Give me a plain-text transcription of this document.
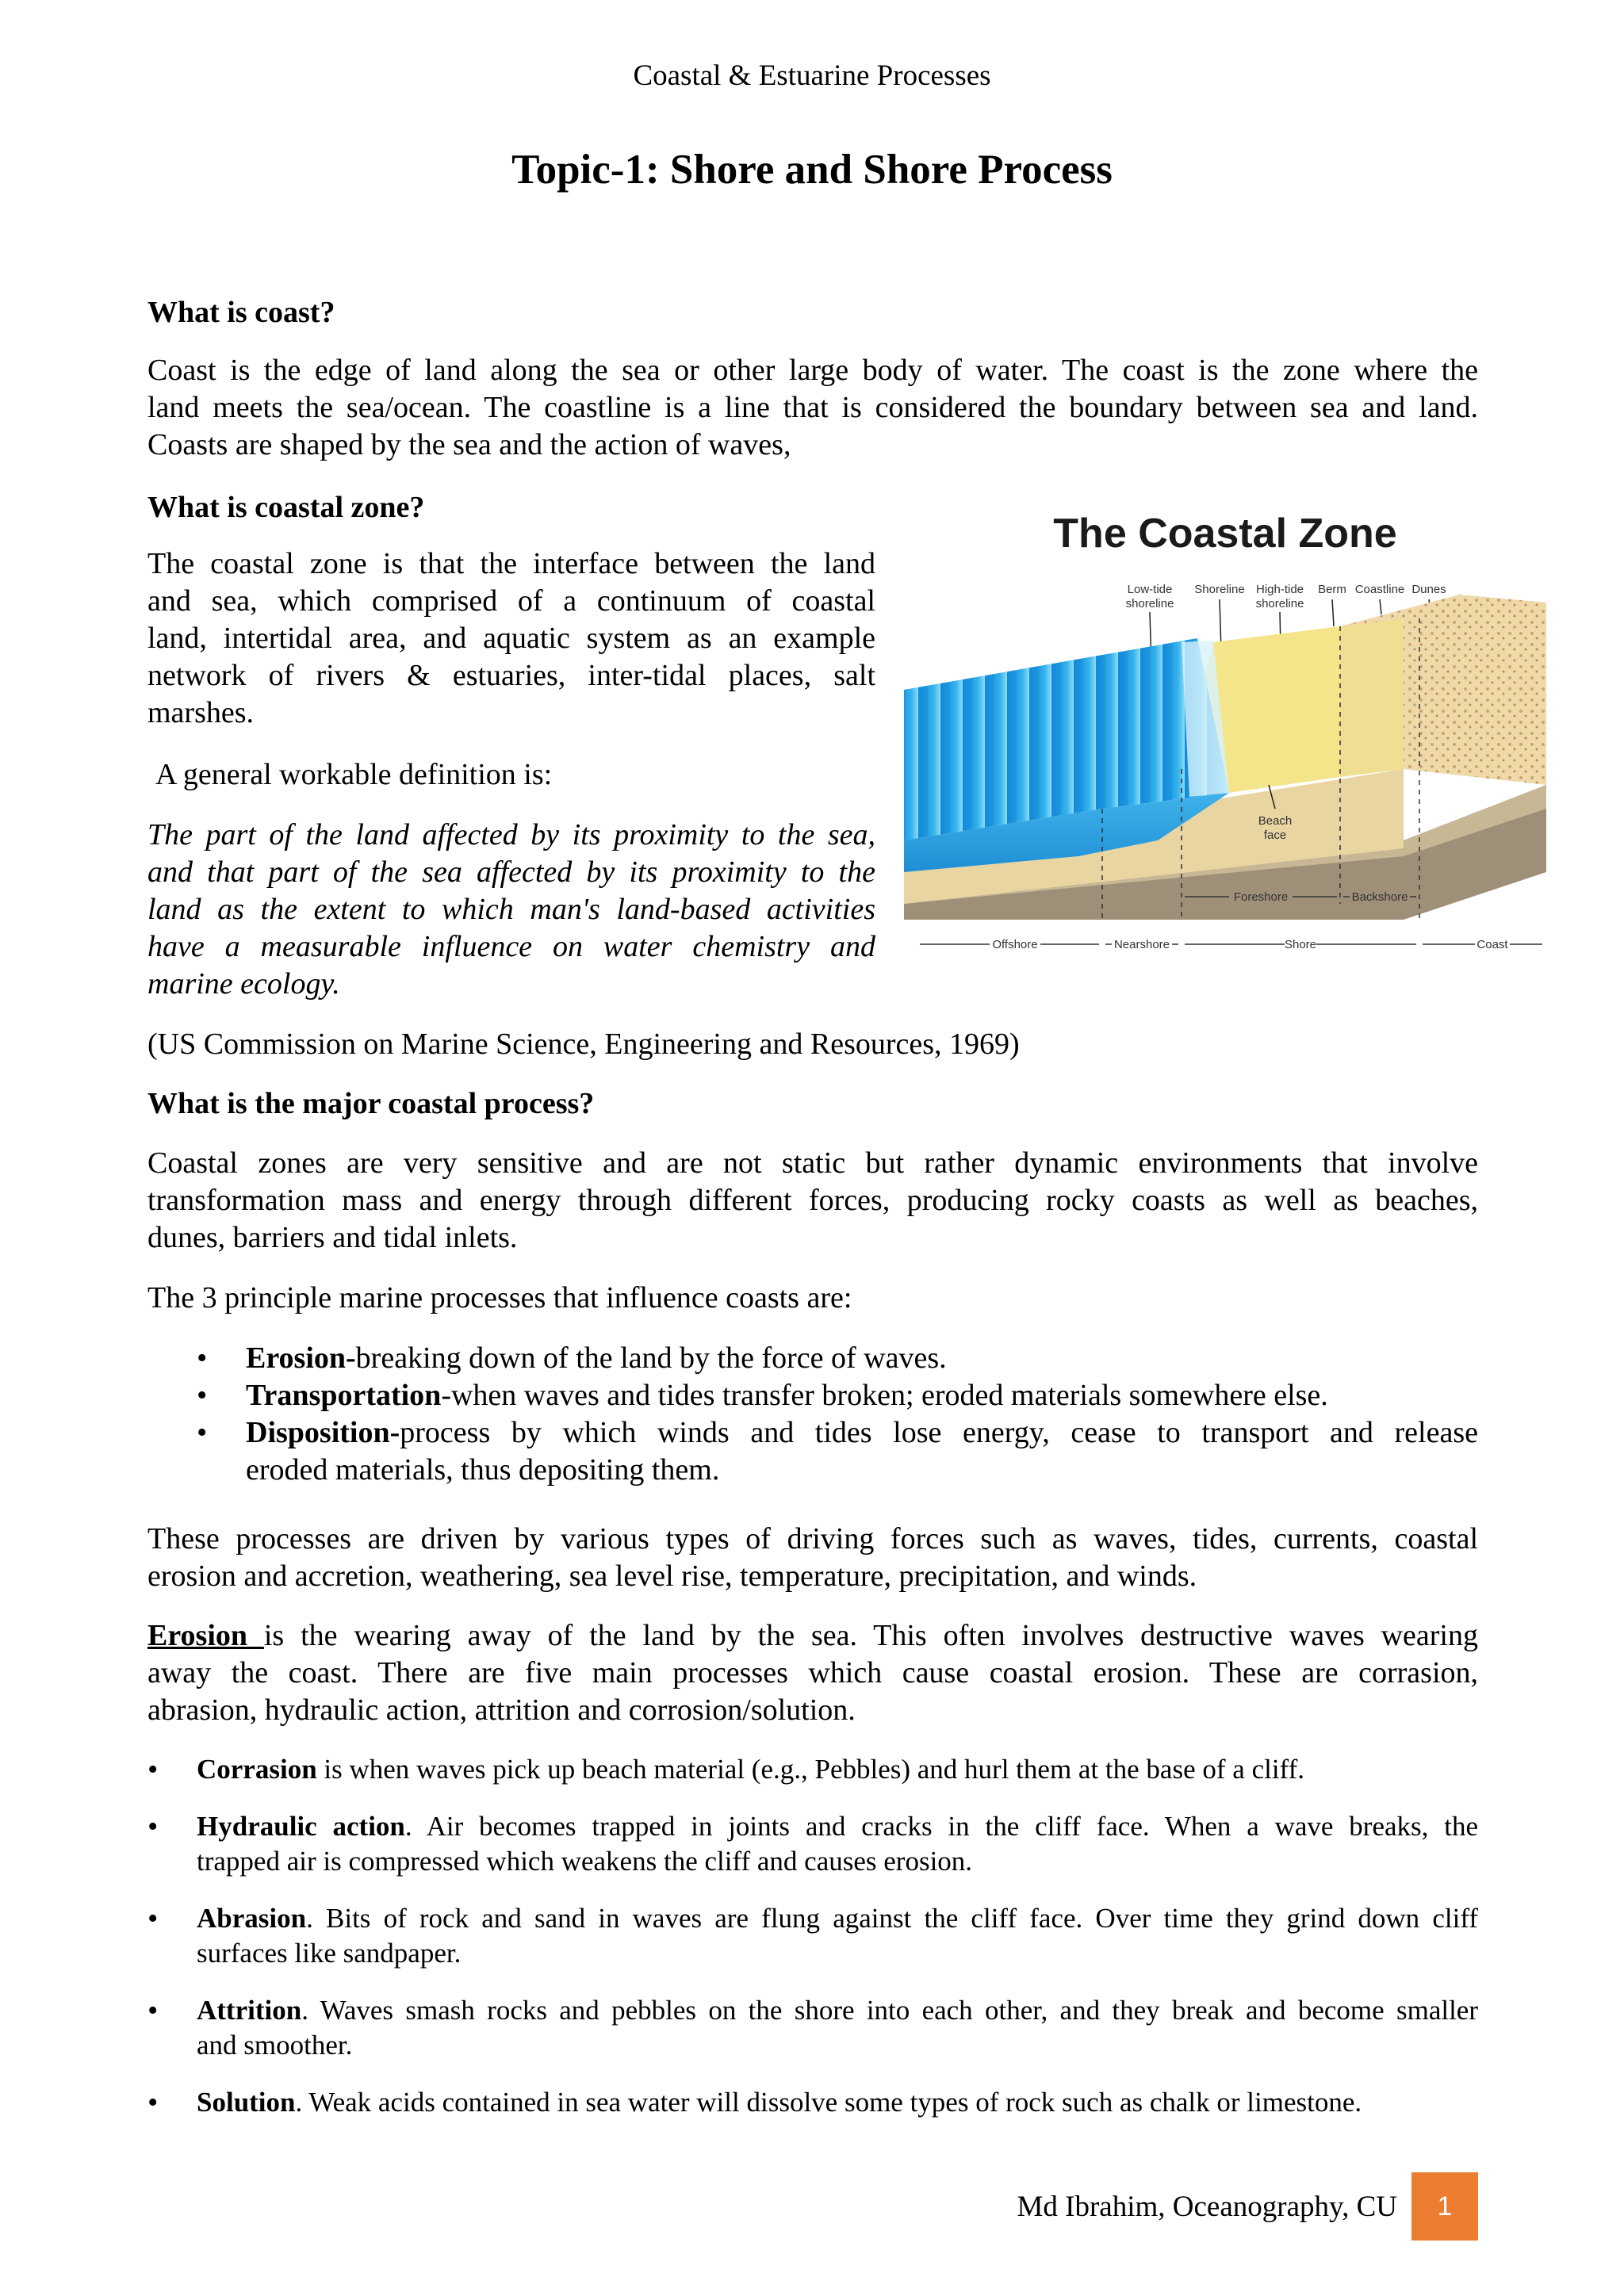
Coastal & Estuarine Processes
Topic-1: Shore and Shore Process
What is coast?
Coast is the edge of land along the sea or other large body of water. The coast is the zone where the
land meets the sea/ocean. The coastline is a line that is considered the boundary between sea and land.
Coasts are shaped by the sea and the action of waves,
What is coastal zone?
The coastal zone is that the interface between the land
and sea, which comprised of a continuum of coastal
land, intertidal area, and aquatic system as an example
network of rivers & estuaries, inter-tidal places, salt
marshes.
A general workable definition is:
The part of the land affected by its proximity to the sea,
and that part of the sea affected by its proximity to the
land as the extent to which man's land-based activities
have a measurable influence on water chemistry and
marine ecology.
(US Commission on Marine Science, Engineering and Resources, 1969)
The Coastal Zone
Low-tide
shoreline
Shoreline High-tide
shoreline
Berm Coastline Dunes
Beach
face
Foreshore	Backshore
Offshore	Nearshore	Shore	Coast
What is the major coastal process?
Coastal zones are very sensitive and are not static but rather dynamic environments that involve
transformation mass and energy through different forces, producing rocky coasts as well as beaches,
dunes, barriers and tidal inlets.
The 3 principle marine processes that influence coasts are:
• Erosion-breaking down of the land by the force of waves.
• Transportation-when waves and tides transfer broken; eroded materials somewhere else.
• Disposition-process by which winds and tides lose energy, cease to transport and release
eroded materials, thus depositing them.
These processes are driven by various types of driving forces such as waves, tides, currents, coastal
erosion and accretion, weathering, sea level rise, temperature, precipitation, and winds.
Erosion is the wearing away of the land by the sea. This often involves destructive waves wearing
away the coast. There are five main processes which cause coastal erosion. These are corrasion,
abrasion, hydraulic action, attrition and corrosion/solution.
• Corrasion is when waves pick up beach material (e.g., Pebbles) and hurl them at the base of a cliff.
• Hydraulic action. Air becomes trapped in joints and cracks in the cliff face. When a wave breaks, the
trapped air is compressed which weakens the cliff and causes erosion.
• Abrasion. Bits of rock and sand in waves are flung against the cliff face. Over time they grind down cliff
surfaces like sandpaper.
• Attrition. Waves smash rocks and pebbles on the shore into each other, and they break and become smaller
and smoother.
• Solution. Weak acids contained in sea water will dissolve some types of rock such as chalk or limestone.
Md Ibrahim, Oceanography, CU	1
